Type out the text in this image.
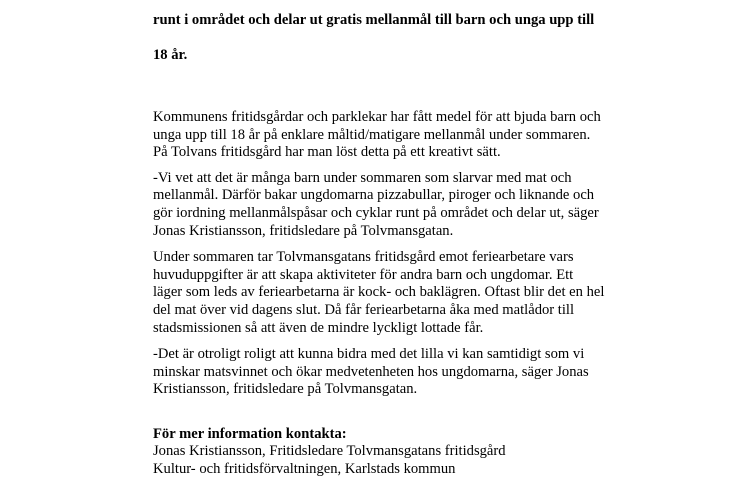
runt i området och delar ut gratis mellanmål till barn och unga upp till

18 år.

Kommunens fritidsgårdar och parklekar har fått medel för att bjuda barn och
unga upp till 18 år på enklare måltid/matigare mellanmål under sommaren.
På Tolvans fritidsgård har man löst detta på ett kreativt sätt.

-Vi vet att det är många barn under sommaren som slarvar med mat och
mellanmål. Därför bakar ungdomarna pizzabullar, piroger och liknande och
gör iordning mellanmålspåsar och cyklar runt på området och delar ut, säger
Jonas Kristiansson, fritidsledare på Tolvmansgatan.

Under sommaren tar Tolvmansgatans fritidsgård emot feriearbetare vars
huvuduppgifter är att skapa aktiviteter för andra barn och ungdomar. Ett
läger som leds av feriearbetarna är kock- och baklägren. Oftast blir det en hel
del mat över vid dagens slut. Då får feriearbetarna åka med matlådor till
stadsmissionen så att även de mindre lyckligt lottade får.

-Det är otroligt roligt att kunna bidra med det lilla vi kan samtidigt som vi
minskar matsvinnet och ökar medvetenheten hos ungdomarna, säger Jonas
Kristiansson, fritidsledare på Tolvmansgatan.

För mer information kontakta:

Jonas Kristiansson, Fritidsledare Tolvmansgatans fritidsgård

Kultur- och fritidsförvaltningen, Karlstads kommun
